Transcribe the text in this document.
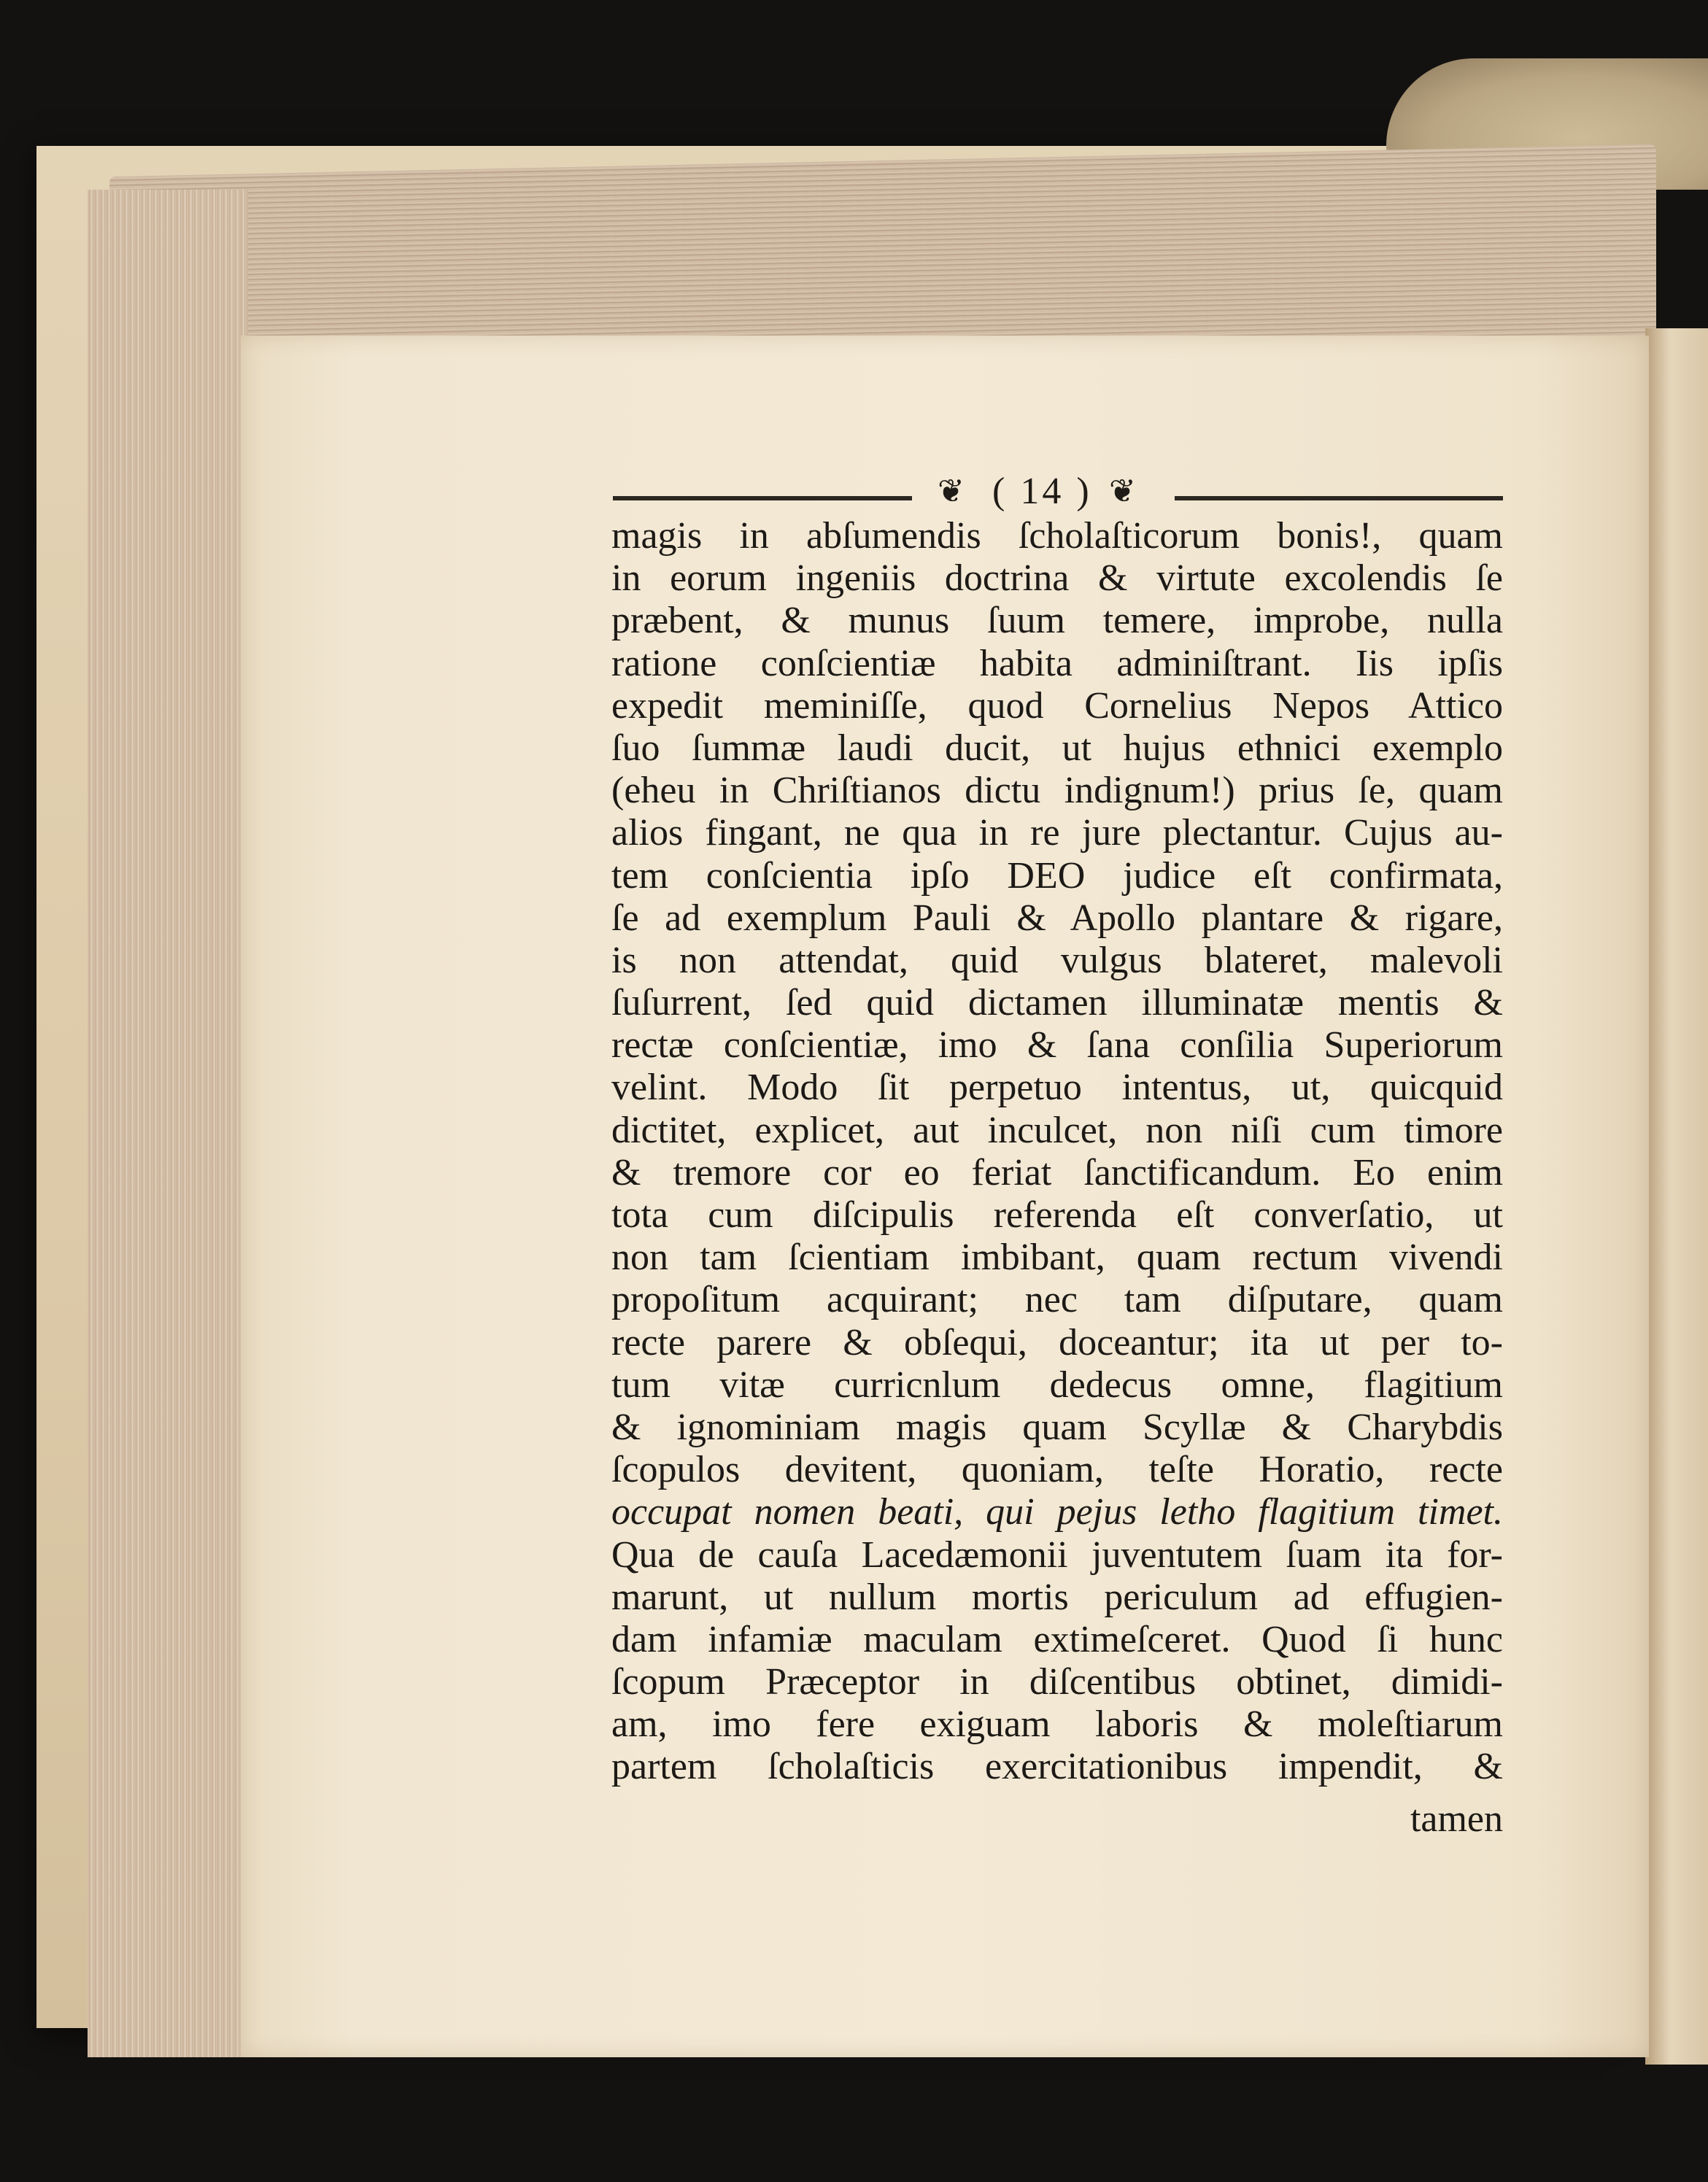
❦ ( 14 ) ❦
magis in abſumendis ſcholaſticorum bonis!, quam
in eorum ingeniis doctrina & virtute excolendis ſe
præbent, & munus ſuum temere, improbe, nulla
ratione conſcientiæ habita adminiſtrant. Iis ipſis
expedit meminiſſe, quod Cornelius Nepos Attico
ſuo ſummæ laudi ducit, ut hujus ethnici exemplo
(eheu in Chriſtianos dictu indignum!) prius ſe, quam
alios fingant, ne qua in re jure plectantur. Cujus au-
tem conſcientia ipſo DEO judice eſt confirmata,
ſe ad exemplum Pauli & Apollo plantare & rigare,
is non attendat, quid vulgus blateret, malevoli
ſuſurrent, ſed quid dictamen illuminatæ mentis &
rectæ conſcientiæ, imo & ſana conſilia Superiorum
velint. Modo ſit perpetuo intentus, ut, quicquid
dictitet, explicet, aut inculcet, non niſi cum timore
& tremore cor eo feriat ſanctificandum. Eo enim
tota cum diſcipulis referenda eſt converſatio, ut
non tam ſcientiam imbibant, quam rectum vivendi
propoſitum acquirant; nec tam diſputare, quam
recte parere & obſequi, doceantur; ita ut per to-
tum vitæ curricnlum dedecus omne, flagitium
& ignominiam magis quam Scyllæ & Charybdis
ſcopulos devitent, quoniam, teſte Horatio, recte
occupat nomen beati, qui pejus letho flagitium timet.
Qua de cauſa Lacedæmonii juventutem ſuam ita for-
marunt, ut nullum mortis periculum ad effugien-
dam infamiæ maculam extimeſceret. Quod ſi hunc
ſcopum Præceptor in diſcentibus obtinet, dimidi-
am, imo fere exiguam laboris & moleſtiarum
partem ſcholaſticis exercitationibus impendit, &
tamen
